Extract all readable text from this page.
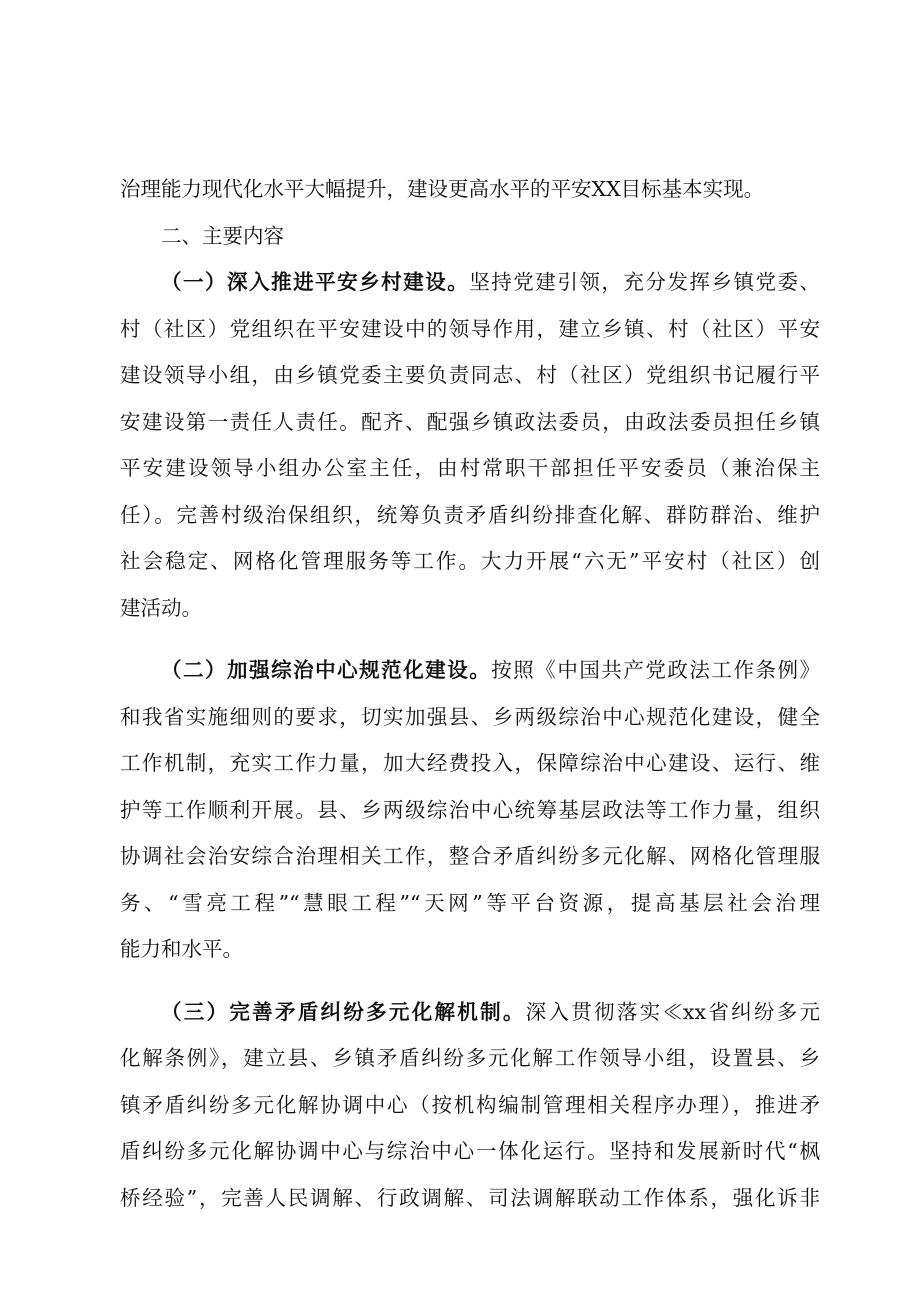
治理能力现代化水平大幅提升，建设更高水平的平安XX目标基本实现。
二、主要内容
（一）深入推进平安乡村建设。坚持党建引领，充分发挥乡镇党委、
村（社区）党组织在平安建设中的领导作用，建立乡镇、村（社区）平安
建设领导小组，由乡镇党委主要负责同志、村（社区）党组织书记履行平
安建设第一责任人责任。配齐、配强乡镇政法委员，由政法委员担任乡镇
平安建设领导小组办公室主任，由村常职干部担任平安委员（兼治保主
任）。完善村级治保组织，统筹负责矛盾纠纷排查化解、群防群治、维护
社会稳定、网格化管理服务等工作。大力开展“六无”平安村（社区）创
建活动。
（二）加强综治中心规范化建设。按照《中国共产党政法工作条例》
和我省实施细则的要求，切实加强县、乡两级综治中心规范化建设，健全
工作机制，充实工作力量，加大经费投入，保障综治中心建设、运行、维
护等工作顺利开展。县、乡两级综治中心统筹基层政法等工作力量，组织
协调社会治安综合治理相关工作，整合矛盾纠纷多元化解、网格化管理服
务、“雪亮工程”“慧眼工程”“天网”等平台资源，提高基层社会治理
能力和水平。
（三）完善矛盾纠纷多元化解机制。深入贯彻落实≪xx省纠纷多元
化解条例》，建立县、乡镇矛盾纠纷多元化解工作领导小组，设置县、乡
镇矛盾纠纷多元化解协调中心（按机构编制管理相关程序办理），推进矛
盾纠纷多元化解协调中心与综治中心一体化运行。坚持和发展新时代“枫
桥经验”，完善人民调解、行政调解、司法调解联动工作体系，强化诉非
